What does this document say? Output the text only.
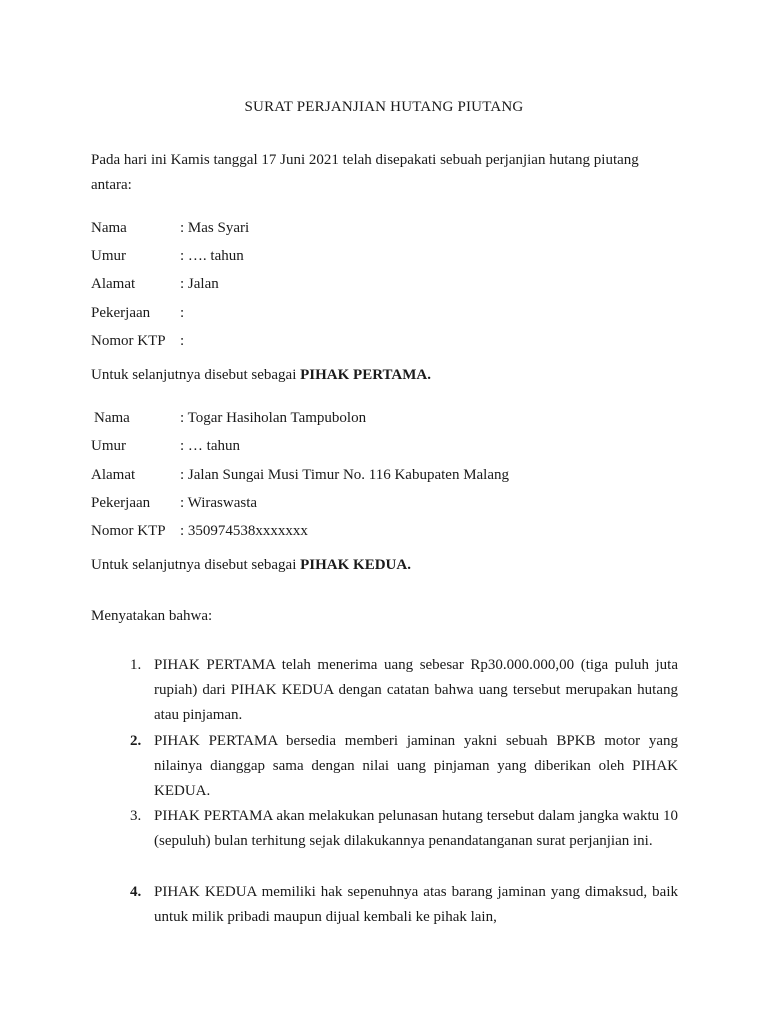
SURAT PERJANJIAN HUTANG PIUTANG
Pada hari ini Kamis tanggal 17 Juni 2021 telah disepakati sebuah perjanjian hutang piutang antara:
Nama	: Mas Syari
Umur	: …. tahun
Alamat	: Jalan
Pekerjaan :
Nomor KTP :
Untuk selanjutnya disebut sebagai PIHAK PERTAMA.
Nama	: Togar Hasiholan Tampubolon
Umur	: … tahun
Alamat	: Jalan Sungai Musi Timur No. 116 Kabupaten Malang
Pekerjaan : Wiraswasta
Nomor KTP : 350974538xxxxxxx
Untuk selanjutnya disebut sebagai PIHAK KEDUA.
Menyatakan bahwa:
1. PIHAK PERTAMA telah menerima uang sebesar Rp30.000.000,00 (tiga puluh juta rupiah) dari PIHAK KEDUA dengan catatan bahwa uang tersebut merupakan hutang atau pinjaman.
2. PIHAK PERTAMA bersedia memberi jaminan yakni sebuah BPKB motor yang nilainya dianggap sama dengan nilai uang pinjaman yang diberikan oleh PIHAK KEDUA.
3. PIHAK PERTAMA akan melakukan pelunasan hutang tersebut dalam jangka waktu 10 (sepuluh) bulan terhitung sejak dilakukannya penandatanganan surat perjanjian ini.
4. PIHAK KEDUA memiliki hak sepenuhnya atas barang jaminan yang dimaksud, baik untuk milik pribadi maupun dijual kembali ke pihak lain,
